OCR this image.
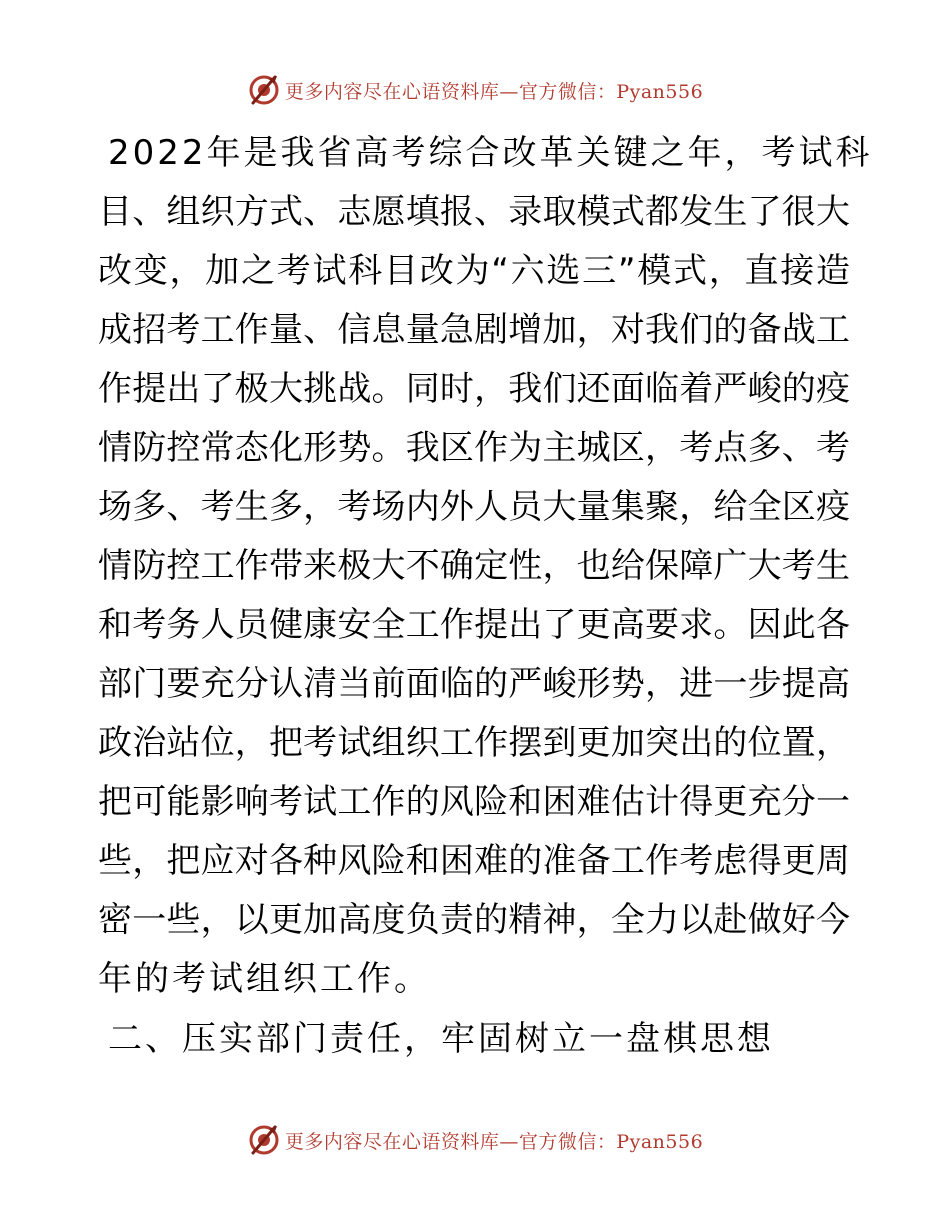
更多内容尽在心语资料库—官方微信：Pyan556
2022年是我省高考综合改革关键之年，考试科
目、组织方式、志愿填报、录取模式都发生了很大
改变，加之考试科目改为“六选三”模式，直接造
成招考工作量、信息量急剧增加，对我们的备战工
作提出了极大挑战。同时，我们还面临着严峻的疫
情防控常态化形势。我区作为主城区，考点多、考
场多、考生多，考场内外人员大量集聚，给全区疫
情防控工作带来极大不确定性，也给保障广大考生
和考务人员健康安全工作提出了更高要求。因此各
部门要充分认清当前面临的严峻形势，进一步提高
政治站位，把考试组织工作摆到更加突出的位置，
把可能影响考试工作的风险和困难估计得更充分一
些，把应对各种风险和困难的准备工作考虑得更周
密一些，以更加高度负责的精神，全力以赴做好今
年的考试组织工作。
二、压实部门责任，牢固树立一盘棋思想
更多内容尽在心语资料库—官方微信：Pyan556
